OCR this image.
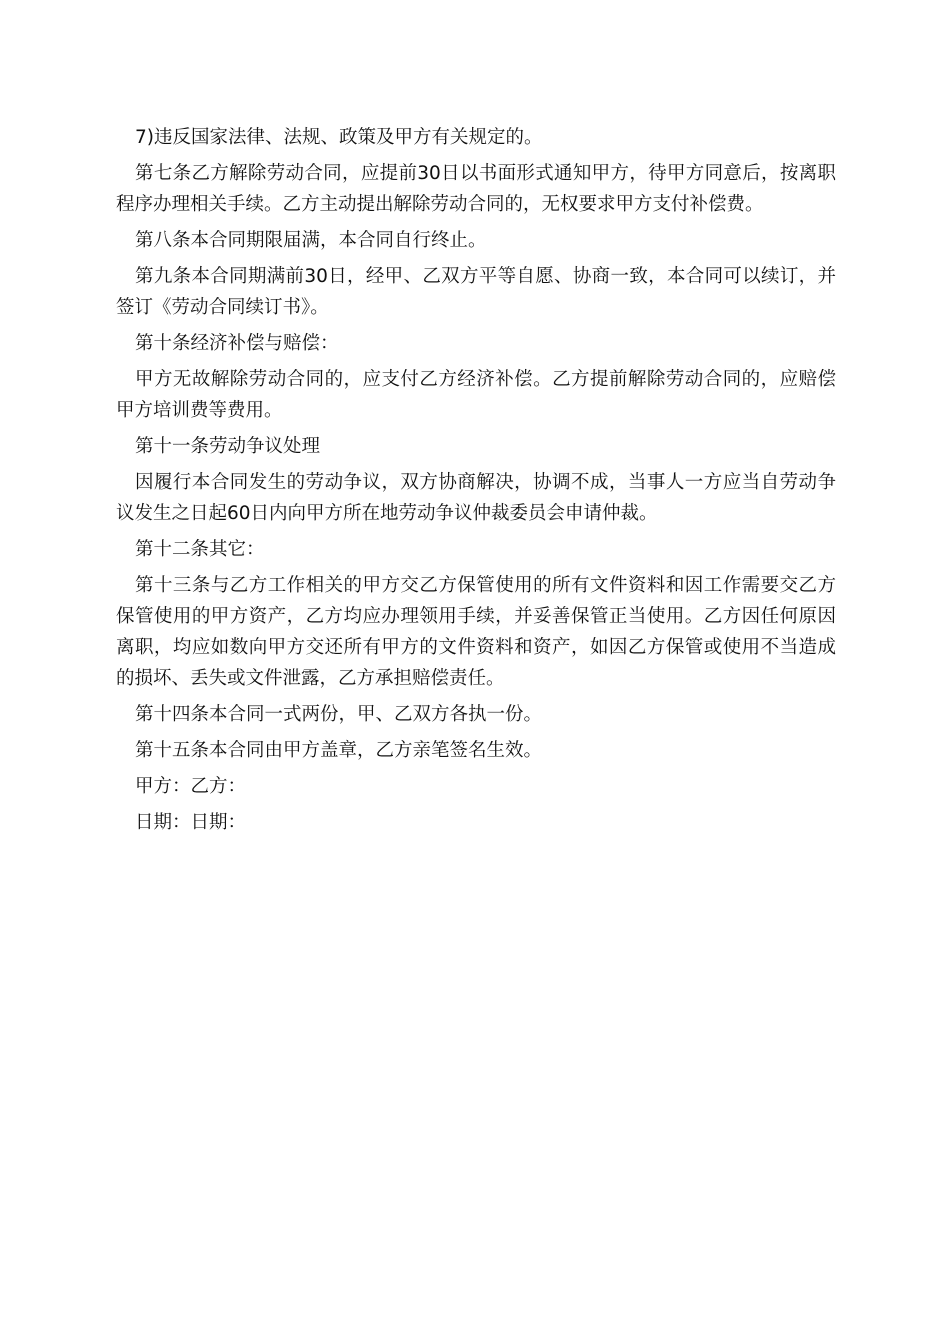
7)违反国家法律、法规、政策及甲方有关规定的。

第七条乙方解除劳动合同，应提前30日以书面形式通知甲方，待甲方同意后，按离职程序办理相关手续。乙方主动提出解除劳动合同的，无权要求甲方支付补偿费。

第八条本合同期限届满，本合同自行终止。

第九条本合同期满前30日，经甲、乙双方平等自愿、协商一致，本合同可以续订，并签订《劳动合同续订书》。

第十条经济补偿与赔偿：

甲方无故解除劳动合同的，应支付乙方经济补偿。乙方提前解除劳动合同的，应赔偿甲方培训费等费用。

第十一条劳动争议处理

因履行本合同发生的劳动争议，双方协商解决，协调不成，当事人一方应当自劳动争议发生之日起60日内向甲方所在地劳动争议仲裁委员会申请仲裁。

第十二条其它：

第十三条与乙方工作相关的甲方交乙方保管使用的所有文件资料和因工作需要交乙方保管使用的甲方资产，乙方均应办理领用手续，并妥善保管正当使用。乙方因任何原因离职，均应如数向甲方交还所有甲方的文件资料和资产，如因乙方保管或使用不当造成的损坏、丢失或文件泄露，乙方承担赔偿责任。

第十四条本合同一式两份，甲、乙双方各执一份。

第十五条本合同由甲方盖章，乙方亲笔签名生效。

甲方：乙方：

日期：日期：
